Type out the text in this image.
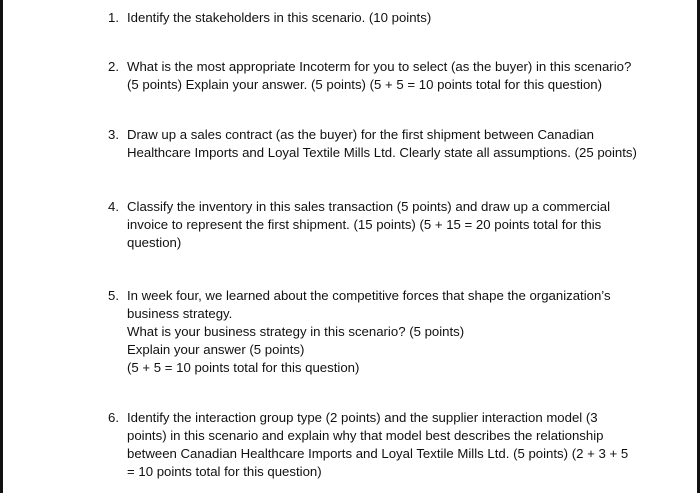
1. Identify the stakeholders in this scenario. (10 points)
2. What is the most appropriate Incoterm for you to select (as the buyer) in this scenario?
(5 points) Explain your answer. (5 points) (5 + 5 = 10 points total for this question)
3. Draw up a sales contract (as the buyer) for the first shipment between Canadian
Healthcare Imports and Loyal Textile Mills Ltd. Clearly state all assumptions. (25 points)
4. Classify the inventory in this sales transaction (5 points) and draw up a commercial
invoice to represent the first shipment. (15 points) (5 + 15 = 20 points total for this
question)
5. In week four, we learned about the competitive forces that shape the organization’s
business strategy.
What is your business strategy in this scenario? (5 points)
Explain your answer (5 points)
(5 + 5 = 10 points total for this question)
6. Identify the interaction group type (2 points) and the supplier interaction model (3
points) in this scenario and explain why that model best describes the relationship
between Canadian Healthcare Imports and Loyal Textile Mills Ltd. (5 points) (2 + 3 + 5
= 10 points total for this question)
